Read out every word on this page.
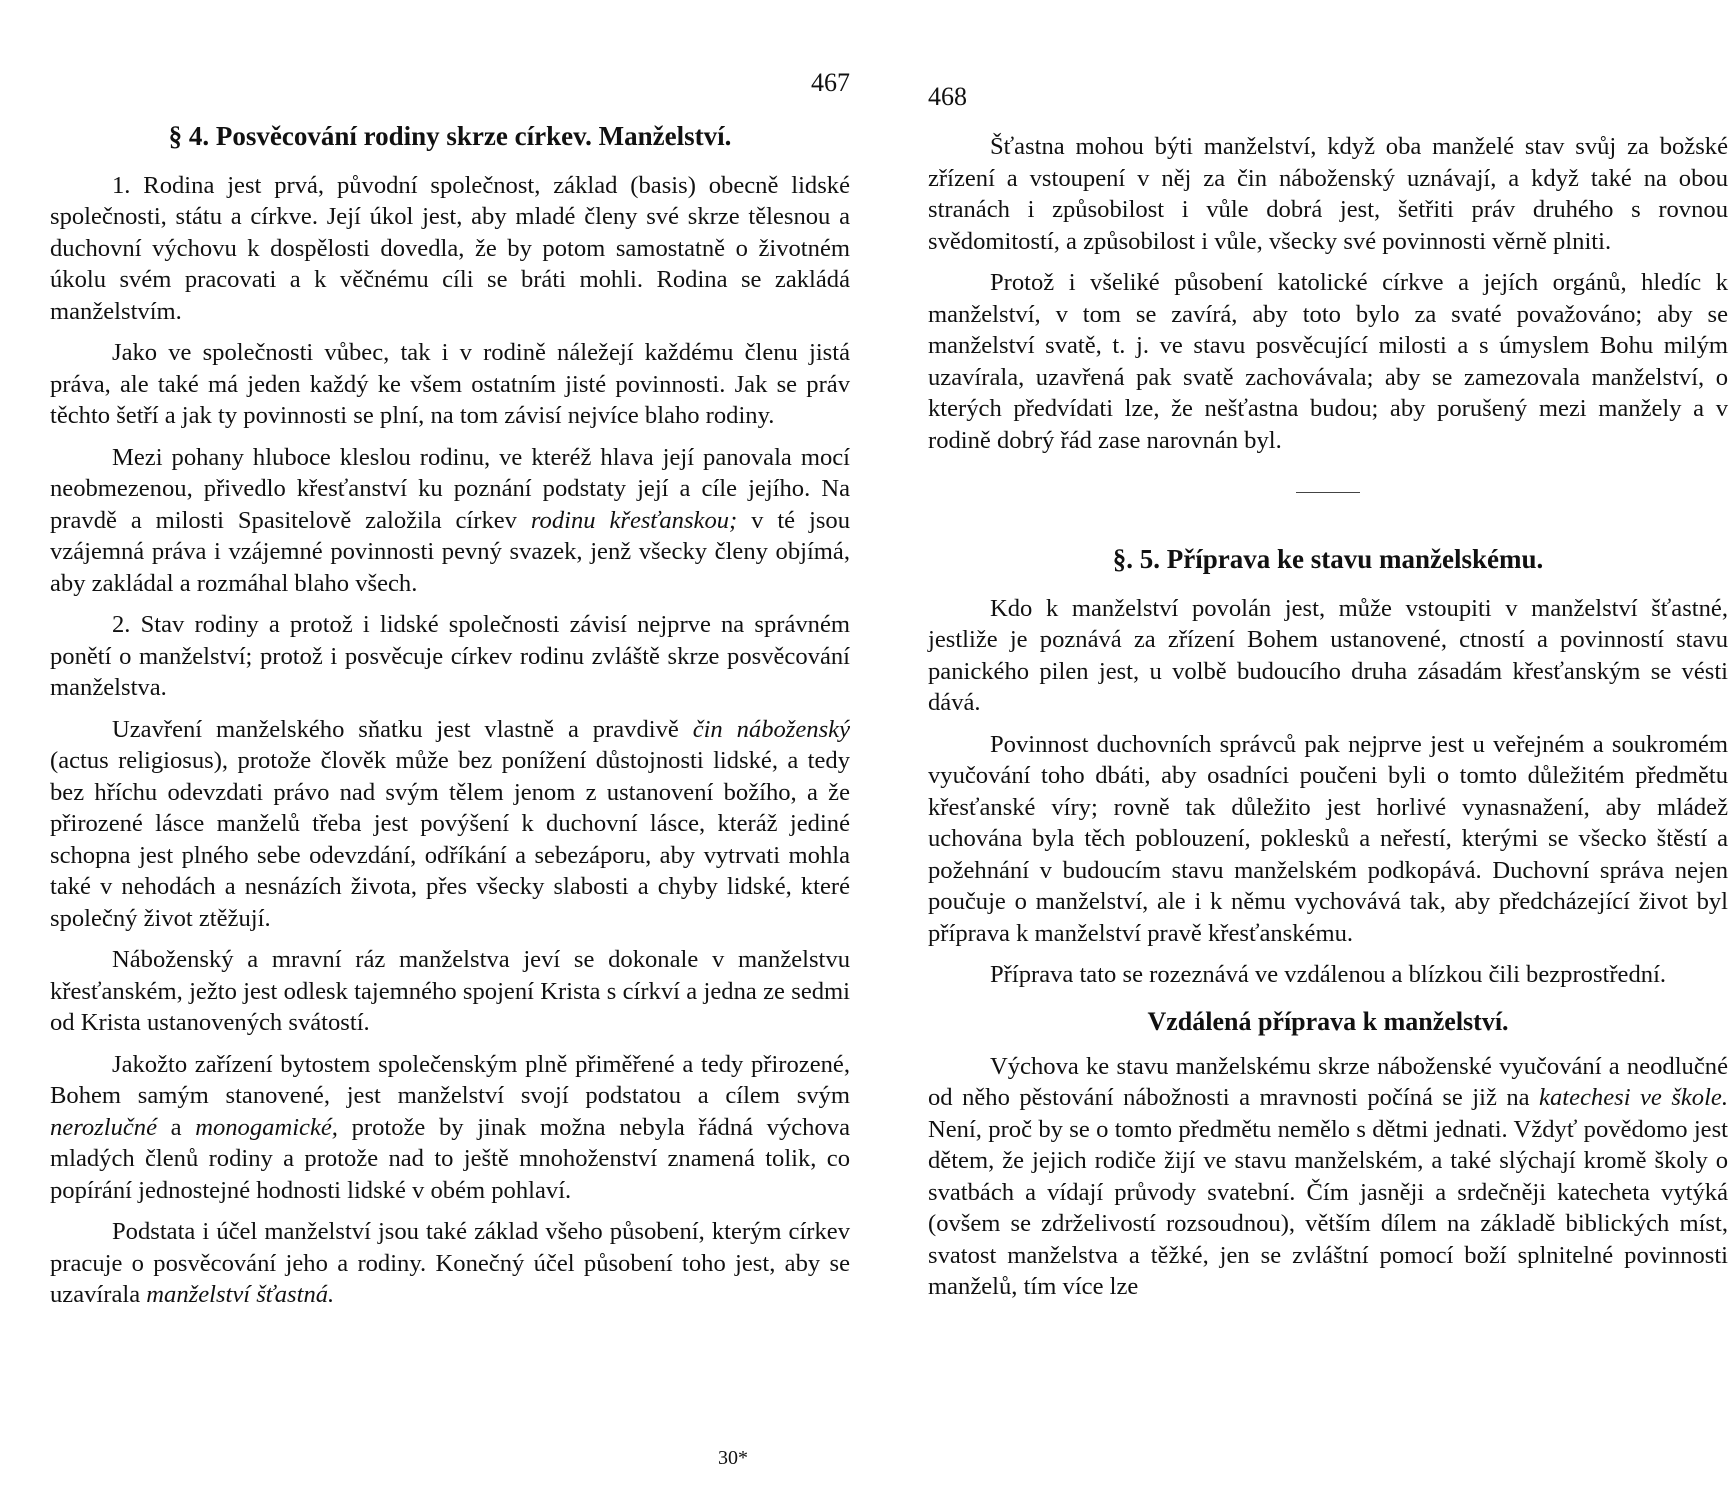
467
§ 4. Posvěcování rodiny skrze církev. Manželství.

1. Rodina jest prvá, původní společnost, základ (basis) obecně lidské společnosti, státu a církve. Její úkol jest, aby mladé členy své skrze tělesnou a duchovní výchovu k dospělosti dovedla, že by potom samostatně o životném úkolu svém pracovati a k věčnému cíli se bráti mohli. Rodina se zakládá manželstvím.

Jako ve společnosti vůbec, tak i v rodině náležejí každému členu jistá práva, ale také má jeden každý ke všem ostatním jisté povinnosti. Jak se práv těchto šetří a jak ty povinnosti se plní, na tom závisí nejvíce blaho rodiny.

Mezi pohany hluboce kleslou rodinu, ve kteréž hlava její panovala mocí neobmezenou, přivedlo křesťanství ku poznání podstaty její a cíle jejího. Na pravdě a milosti Spasitelově založila církev rodinu křesťanskou; v té jsou vzájemná práva i vzájemné povinnosti pevný svazek, jenž všecky členy objímá, aby zakládal a rozmáhal blaho všech.

2. Stav rodiny a protož i lidské společnosti závisí nejprve na správném ponětí o manželství; protož i posvěcuje církev rodinu zvláště skrze posvěcování manželstva.

Uzavření manželského sňatku jest vlastně a pravdivě čin náboženský (actus religiosus), protože člověk může bez ponížení důstojnosti lidské, a tedy bez hříchu odevzdati právo nad svým tělem jenom z ustanovení božího, a že přirozené lásce manželů třeba jest povýšení k duchovní lásce, kteráž jediné schopna jest plného sebe odevzdání, odříkání a sebezáporu, aby vytrvati mohla také v nehodách a nesnázích života, přes všecky slabosti a chyby lidské, které společný život ztěžují.

Náboženský a mravní ráz manželstva jeví se dokonale v manželstvu křesťanském, ježto jest odlesk tajemného spojení Krista s církví a jedna ze sedmi od Krista ustanovených svátostí.

Jakožto zařízení bytostem společenským plně přiměřené a tedy přirozené, Bohem samým stanovené, jest manželství svojí podstatou a cílem svým nerozlučné a monogamické, protože by jinak možna nebyla řádná výchova mladých členů rodiny a protože nad to ještě mnohoženství znamená tolik, co popírání jednostejné hodnosti lidské v obém pohlaví.

Podstata i účel manželství jsou také základ všeho působení, kterým církev pracuje o posvěcování jeho a rodiny. Konečný účel působení toho jest, aby se uzavírala manželství šťastná.

30*
468

Šťastna mohou býti manželství, když oba manželé stav svůj za božské zřízení a vstoupení v něj za čin náboženský uznávají, a když také na obou stranách i způsobilost i vůle dobrá jest, šetřiti práv druhého s rovnou svědomitostí, a způsobilost i vůle, všecky své povinnosti věrně plniti.

Protož i všeliké působení katolické církve a jejích orgánů, hledíc k manželství, v tom se zavírá, aby toto bylo za svaté považováno; aby se manželství svatě, t. j. ve stavu posvěcující milosti a s úmyslem Bohu milým uzavírala, uzavřená pak svatě zachovávala; aby se zamezovala manželství, o kterých předvídati lze, že nešťastna budou; aby porušený mezi manžely a v rodině dobrý řád zase narovnán byl.

§. 5. Příprava ke stavu manželskému.

Kdo k manželství povolán jest, může vstoupiti v manželství šťastné, jestliže je poznává za zřízení Bohem ustanovené, ctností a povinností stavu panického pilen jest, u volbě budoucího druha zásadám křesťanským se vésti dává.

Povinnost duchovních správců pak nejprve jest u veřejném a soukromém vyučování toho dbáti, aby osadníci poučeni byli o tomto důležitém předmětu křesťanské víry; rovně tak důležito jest horlivé vynasnažení, aby mládež uchována byla těch poblouzení, poklesků a neřestí, kterými se všecko štěstí a požehnání v budoucím stavu manželském podkopává. Duchovní správa nejen poučuje o manželství, ale i k němu vychovává tak, aby předcházející život byl příprava k manželství pravě křesťanskému.

Příprava tato se rozeznává ve vzdálenou a blízkou čili bezprostřední.

Vzdálená příprava k manželství.

Výchova ke stavu manželskému skrze náboženské vyučování a neodlučné od něho pěstování nábožnosti a mravnosti počíná se již na katechesi ve škole. Není, proč by se o tomto předmětu nemělo s dětmi jednati. Vždyť povědomo jest dětem, že jejich rodiče žijí ve stavu manželském, a také slýchají kromě školy o svatbách a vídají průvody svatební. Čím jasněji a srdečněji katecheta vytýká (ovšem se zdrželivostí rozsoudnou), větším dílem na základě biblických míst, svatost manželstva a těžké, jen se zvláštní pomocí boží splnitelné povinnosti manželů, tím více lze
